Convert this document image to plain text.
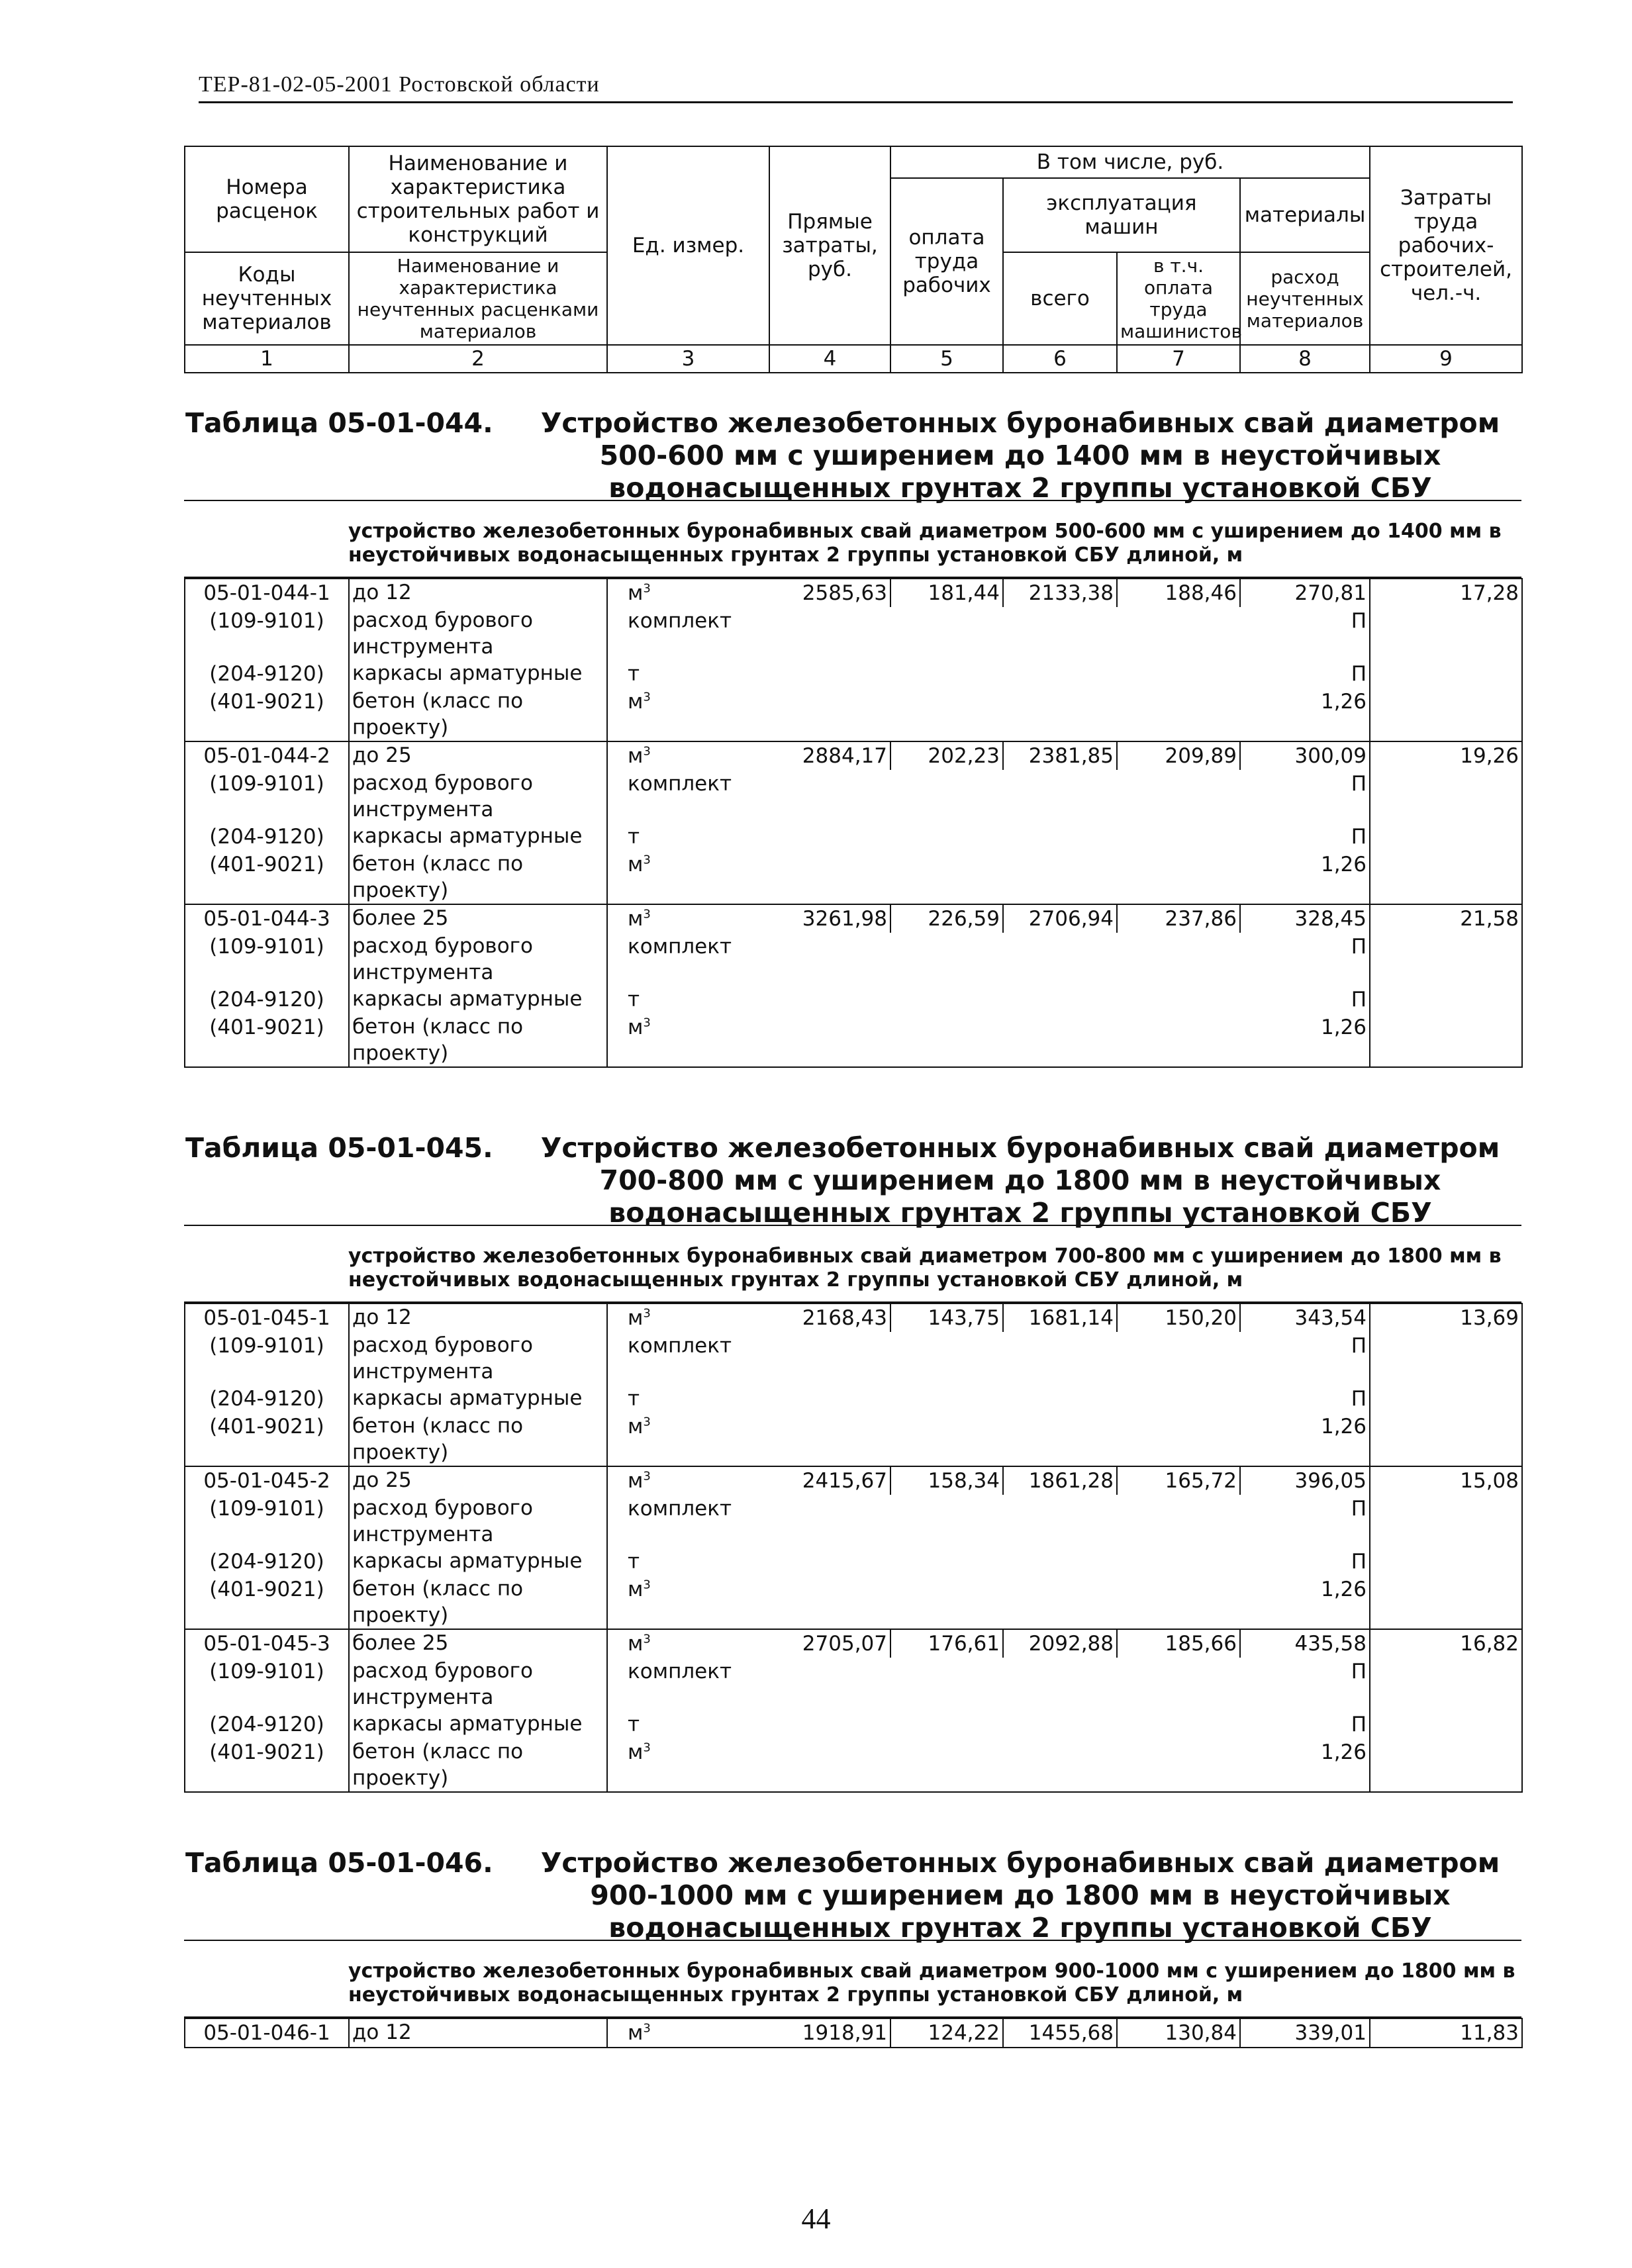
ТЕР-81-02-05-2001 Ростовской области
Номера расценок	Наименование и характеристика строительных работ и конструкций	Ед. измер.	Прямые затраты, руб.	В том числе, руб.				Затраты труда рабочих-строителей, чел.-ч.
				оплата труда рабочих	эксплуатация машин		материалы	

Коды неучтенных материалов	Наименование и характеристика неучтенных расценками материалов				всего	в т.ч. оплата труда машинистов	расход неучтенных материалов	

1	2	3	4	5	6	7	8	9
Таблица 05-01-044. Устройство железобетонных буронабивных свай диаметром 500-600 мм с уширением до 1400 мм в неустойчивых водонасыщенных грунтах 2 группы установкой СБУ
устройство железобетонных буронабивных свай диаметром 500-600 мм с уширением до 1400 мм в неустойчивых водонасыщенных грунтах 2 группы установкой СБУ длиной, м
05-01-044-1	до 12	$м^3$	2585,63	181,44	2133,38	188,46	270,81	17,28
(109-9101)	расход бурового инструмента	комплект					П	
(204-9120)	каркасы арматурные	т					П	
(401-9021)	бетон (класс по проекту)	$м^3$					1,26	
05-01-044-2	до 25	$м^3$	2884,17	202,23	2381,85	209,89	300,09	19,26
(109-9101)	расход бурового инструмента	комплект					П	
(204-9120)	каркасы арматурные	т					П	
(401-9021)	бетон (класс по проекту)	$м^3$					1,26	
05-01-044-3	более 25	$м^3$	3261,98	226,59	2706,94	237,86	328,45	21,58
(109-9101)	расход бурового инструмента	комплект					П	
(204-9120)	каркасы арматурные	т					П	
(401-9021)	бетон (класс по проекту)	$м^3$					1,26	
Таблица 05-01-045. Устройство железобетонных буронабивных свай диаметром 700-800 мм с уширением до 1800 мм в неустойчивых водонасыщенных грунтах 2 группы установкой СБУ
устройство железобетонных буронабивных свай диаметром 700-800 мм с уширением до 1800 мм в неустойчивых водонасыщенных грунтах 2 группы установкой СБУ длиной, м
05-01-045-1	до 12	$м^3$	2168,43	143,75	1681,14	150,20	343,54	13,69
(109-9101)	расход бурового инструмента	комплект					П	
(204-9120)	каркасы арматурные	т					П	
(401-9021)	бетон (класс по проекту)	$м^3$					1,26	
05-01-045-2	до 25	$м^3$	2415,67	158,34	1861,28	165,72	396,05	15,08
(109-9101)	расход бурового инструмента	комплект					П	
(204-9120)	каркасы арматурные	т					П	
(401-9021)	бетон (класс по проекту)	$м^3$					1,26	
05-01-045-3	более 25	$м^3$	2705,07	176,61	2092,88	185,66	435,58	16,82
(109-9101)	расход бурового инструмента	комплект					П	
(204-9120)	каркасы арматурные	т					П	
(401-9021)	бетон (класс по проекту)	$м^3$					1,26	
Таблица 05-01-046. Устройство железобетонных буронабивных свай диаметром 900-1000 мм с уширением до 1800 мм в неустойчивых водонасыщенных грунтах 2 группы установкой СБУ
устройство железобетонных буронабивных свай диаметром 900-1000 мм с уширением до 1800 мм в неустойчивых водонасыщенных грунтах 2 группы установкой СБУ длиной, м
05-01-046-1	до 12	$м^3$	1918,91	124,22	1455,68	130,84	339,01	11,83
44
